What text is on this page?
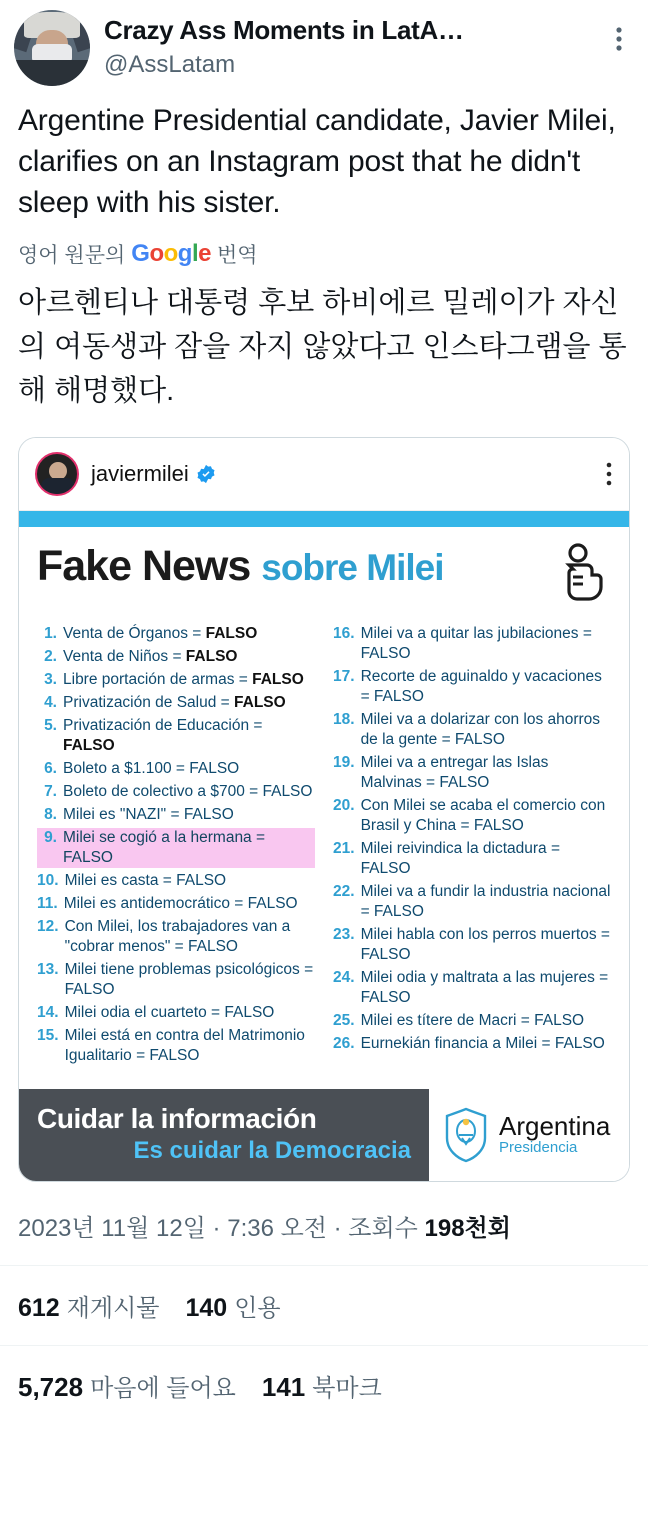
Crazy Ass Moments in LatA…
@AssLatam
Argentine Presidential candidate, Javier Milei, clarifies on an Instagram post that he didn't sleep with his sister.
영어 원문의 Google 번역
아르헨티나 대통령 후보 하비에르 밀레이가 자신의 여동생과 잠을 자지 않았다고 인스타그램을 통해 해명했다.
javiermilei
Fake News sobre Milei
1. Venta de Órganos = FALSO
2. Venta de Niños = FALSO
3. Libre portación de armas = FALSO
4. Privatización de Salud = FALSO
5. Privatización de Educación = FALSO
6. Boleto a $1.100 = FALSO
7. Boleto de colectivo a $700 = FALSO
8. Milei es "NAZI" = FALSO
9. Milei se cogió a la hermana = FALSO
10. Milei es casta = FALSO
11. Milei es antidemocrático = FALSO
12. Con Milei, los trabajadores van a "cobrar menos" = FALSO
13. Milei tiene problemas psicológicos = FALSO
14. Milei odia el cuarteto = FALSO
15. Milei está en contra del Matrimonio Igualitario = FALSO
16. Milei va a quitar las jubilaciones = FALSO
17. Recorte de aguinaldo y vacaciones = FALSO
18. Milei va a dolarizar con los ahorros de la gente = FALSO
19. Milei va a entregar las Islas Malvinas = FALSO
20. Con Milei se acaba el comercio con Brasil y China = FALSO
21. Milei reivindica la dictadura = FALSO
22. Milei va a fundir la industria nacional = FALSO
23. Milei habla con los perros muertos = FALSO
24. Milei odia y maltrata a las mujeres = FALSO
25. Milei es títere de Macri = FALSO
26. Eurnekián financia a Milei = FALSO
Cuidar la información
Es cuidar la Democracia
Argentina
Presidencia
2023년 11월 12일 · 7:36 오전 · 조회수 198천회
612 재게시물 140 인용
5,728 마음에 들어요 141 북마크
